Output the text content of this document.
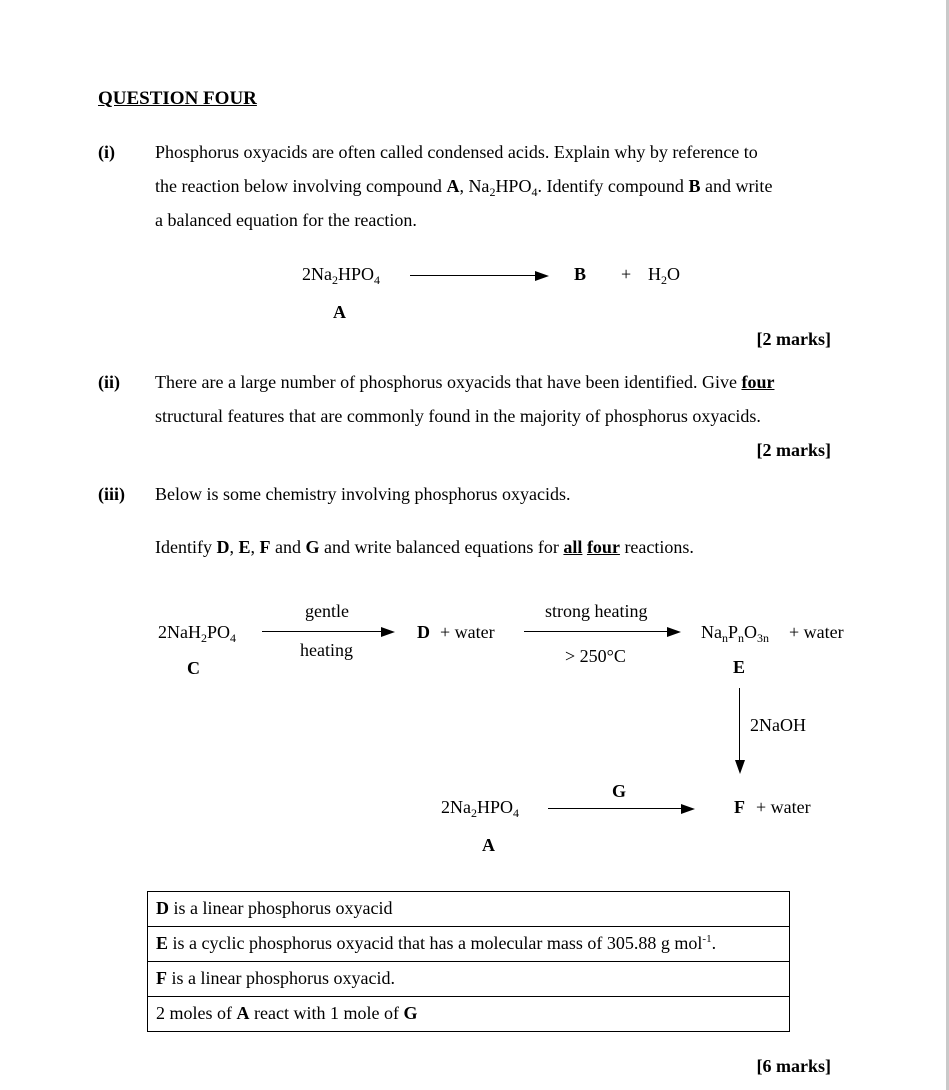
QUESTION FOUR
(i) Phosphorus oxyacids are often called condensed acids. Explain why by reference to
the reaction below involving compound A, $Na_2HPO_4$. Identify compound B and write
a balanced equation for the reaction.
$2Na_2HPO_4$	$B + H_2O$
A
[2 marks]
(ii) There are a large number of phosphorus oxyacids that have been identified. Give four
structural features that are commonly found in the majority of phosphorus oxyacids.
[2 marks]
(iii) Below is some chemistry involving phosphorus oxyacids.
Identify D, E, F and G and write balanced equations for all four reactions.
$2NaH_2PO_4$
C
gentle
heating
D + water
strong heating
> 250°C
$Na_nP_nO_{3n}$ + water
E
2NaOH
$2Na_2HPO_4$
A
G
F + water
D is a linear phosphorus oxyacid
E is a cyclic phosphorus oxyacid that has a molecular mass of 305.88 g mol$^{-1}$.
F is a linear phosphorus oxyacid.
2 moles of A react with 1 mole of G
[6 marks]
